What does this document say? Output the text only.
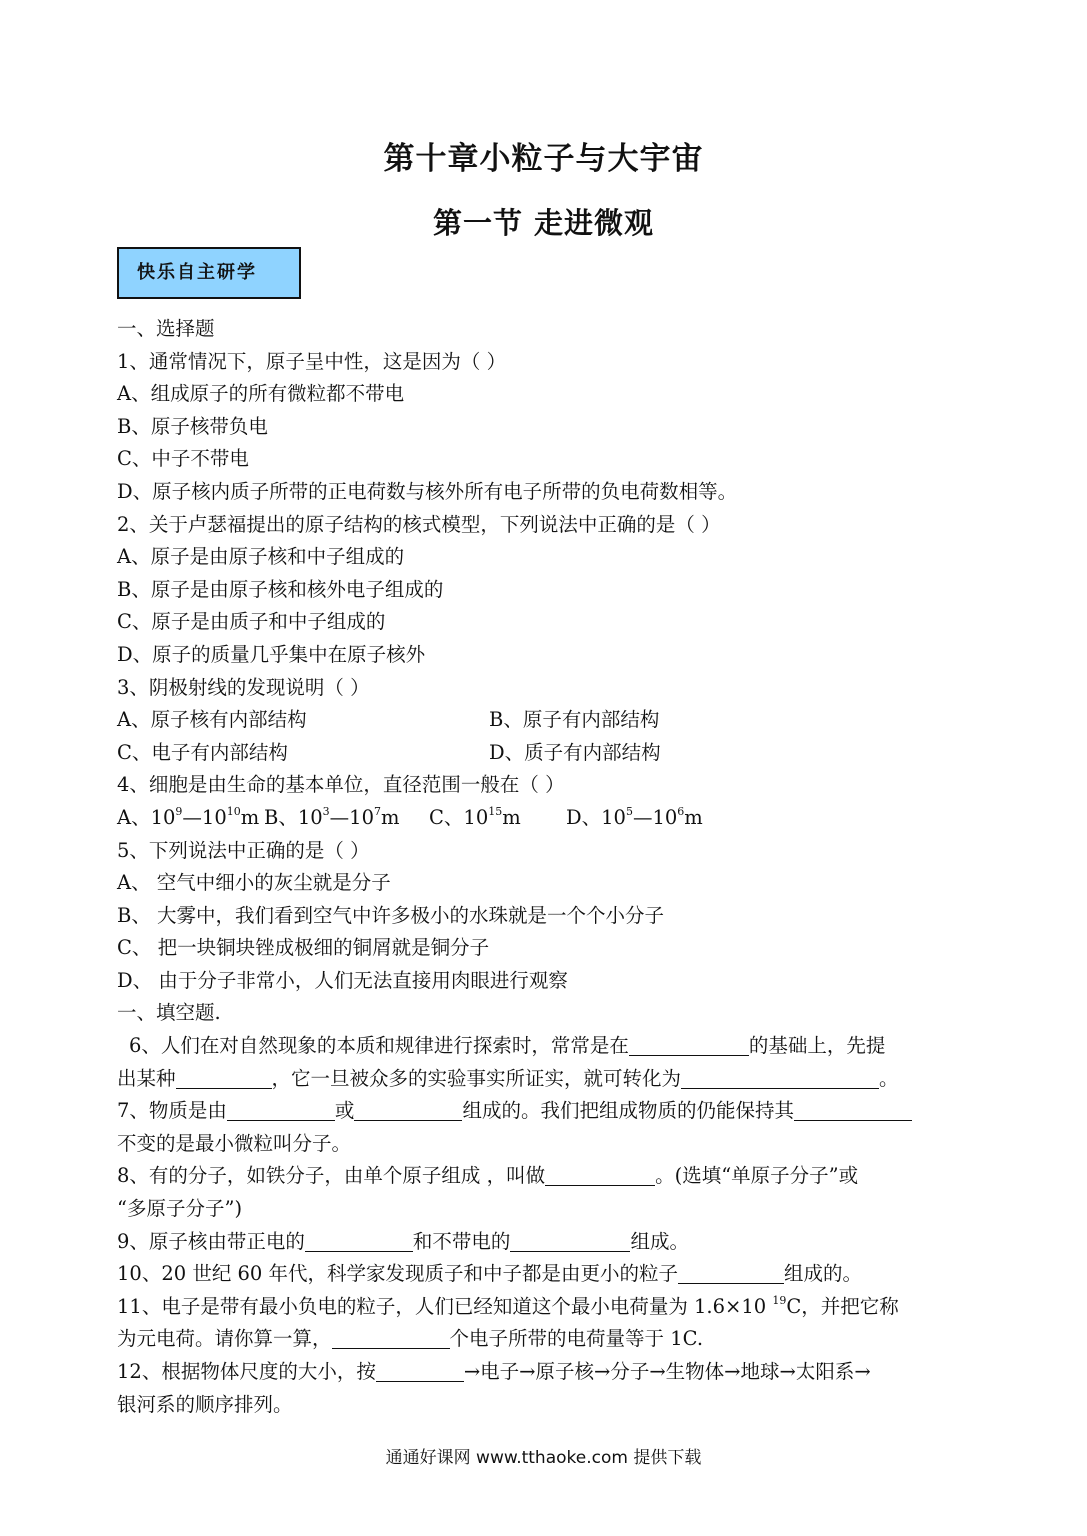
第十章小粒子与大宇宙
第一节 走进微观
快乐自主研学
一、选择题
1、通常情况下，原子呈中性，这是因为（ ）
A、组成原子的所有微粒都不带电
B、原子核带负电
C、中子不带电
D、原子核内质子所带的正电荷数与核外所有电子所带的负电荷数相等。
2、关于卢瑟福提出的原子结构的核式模型，下列说法中正确的是（ ）
A、原子是由原子核和中子组成的
B、原子是由原子核和核外电子组成的
C、原子是由质子和中子组成的
D、原子的质量几乎集中在原子核外
3、阴极射线的发现说明（ ）
A、原子核有内部结构	B、原子有内部结构
C、电子有内部结构	D、质子有内部结构
4、细胞是由生命的基本单位，直径范围一般在（ ）
A、$10^9—10^{10}m$ B、$10^3—10^7m$ C、$10^{15}m$ D、$10^5—10^6m$
5、下列说法中正确的是（ ）
A、 空气中细小的灰尘就是分子
B、 大雾中，我们看到空气中许多极小的水珠就是一个个小分子
C、 把一块铜块锉成极细的铜屑就是铜分子
D、 由于分子非常小，人们无法直接用肉眼进行观察
一、填空题.
6、人们在对自然现象的本质和规律进行探索时，常常是在	的基础上，先提
出某种	，它一旦被众多的实验事实所证实，就可转化为	。
7、物质是由	或	组成的。我们把组成物质的仍能保持其
不变的是最小微粒叫分子。
8、有的分子，如铁分子，由单个原子组成 ，叫做	。(选填“单原子分子”或
“多原子分子”)
9、原子核由带正电的	和不带电的	组成。
10、20 世纪 60 年代，科学家发现质子和中子都是由更小的粒子	组成的。
11、电子是带有最小负电的粒子，人们已经知道这个最小电荷量为 1.6×10 $^{19}$C，并把它称
为元电荷。请你算一算，	个电子所带的电荷量等于 1C.
12、根据物体尺度的大小，按	→电子→原子核→分子→生物体→地球→太阳系→
银河系的顺序排列。
通通好课网 www.tthaoke.com 提供下载
